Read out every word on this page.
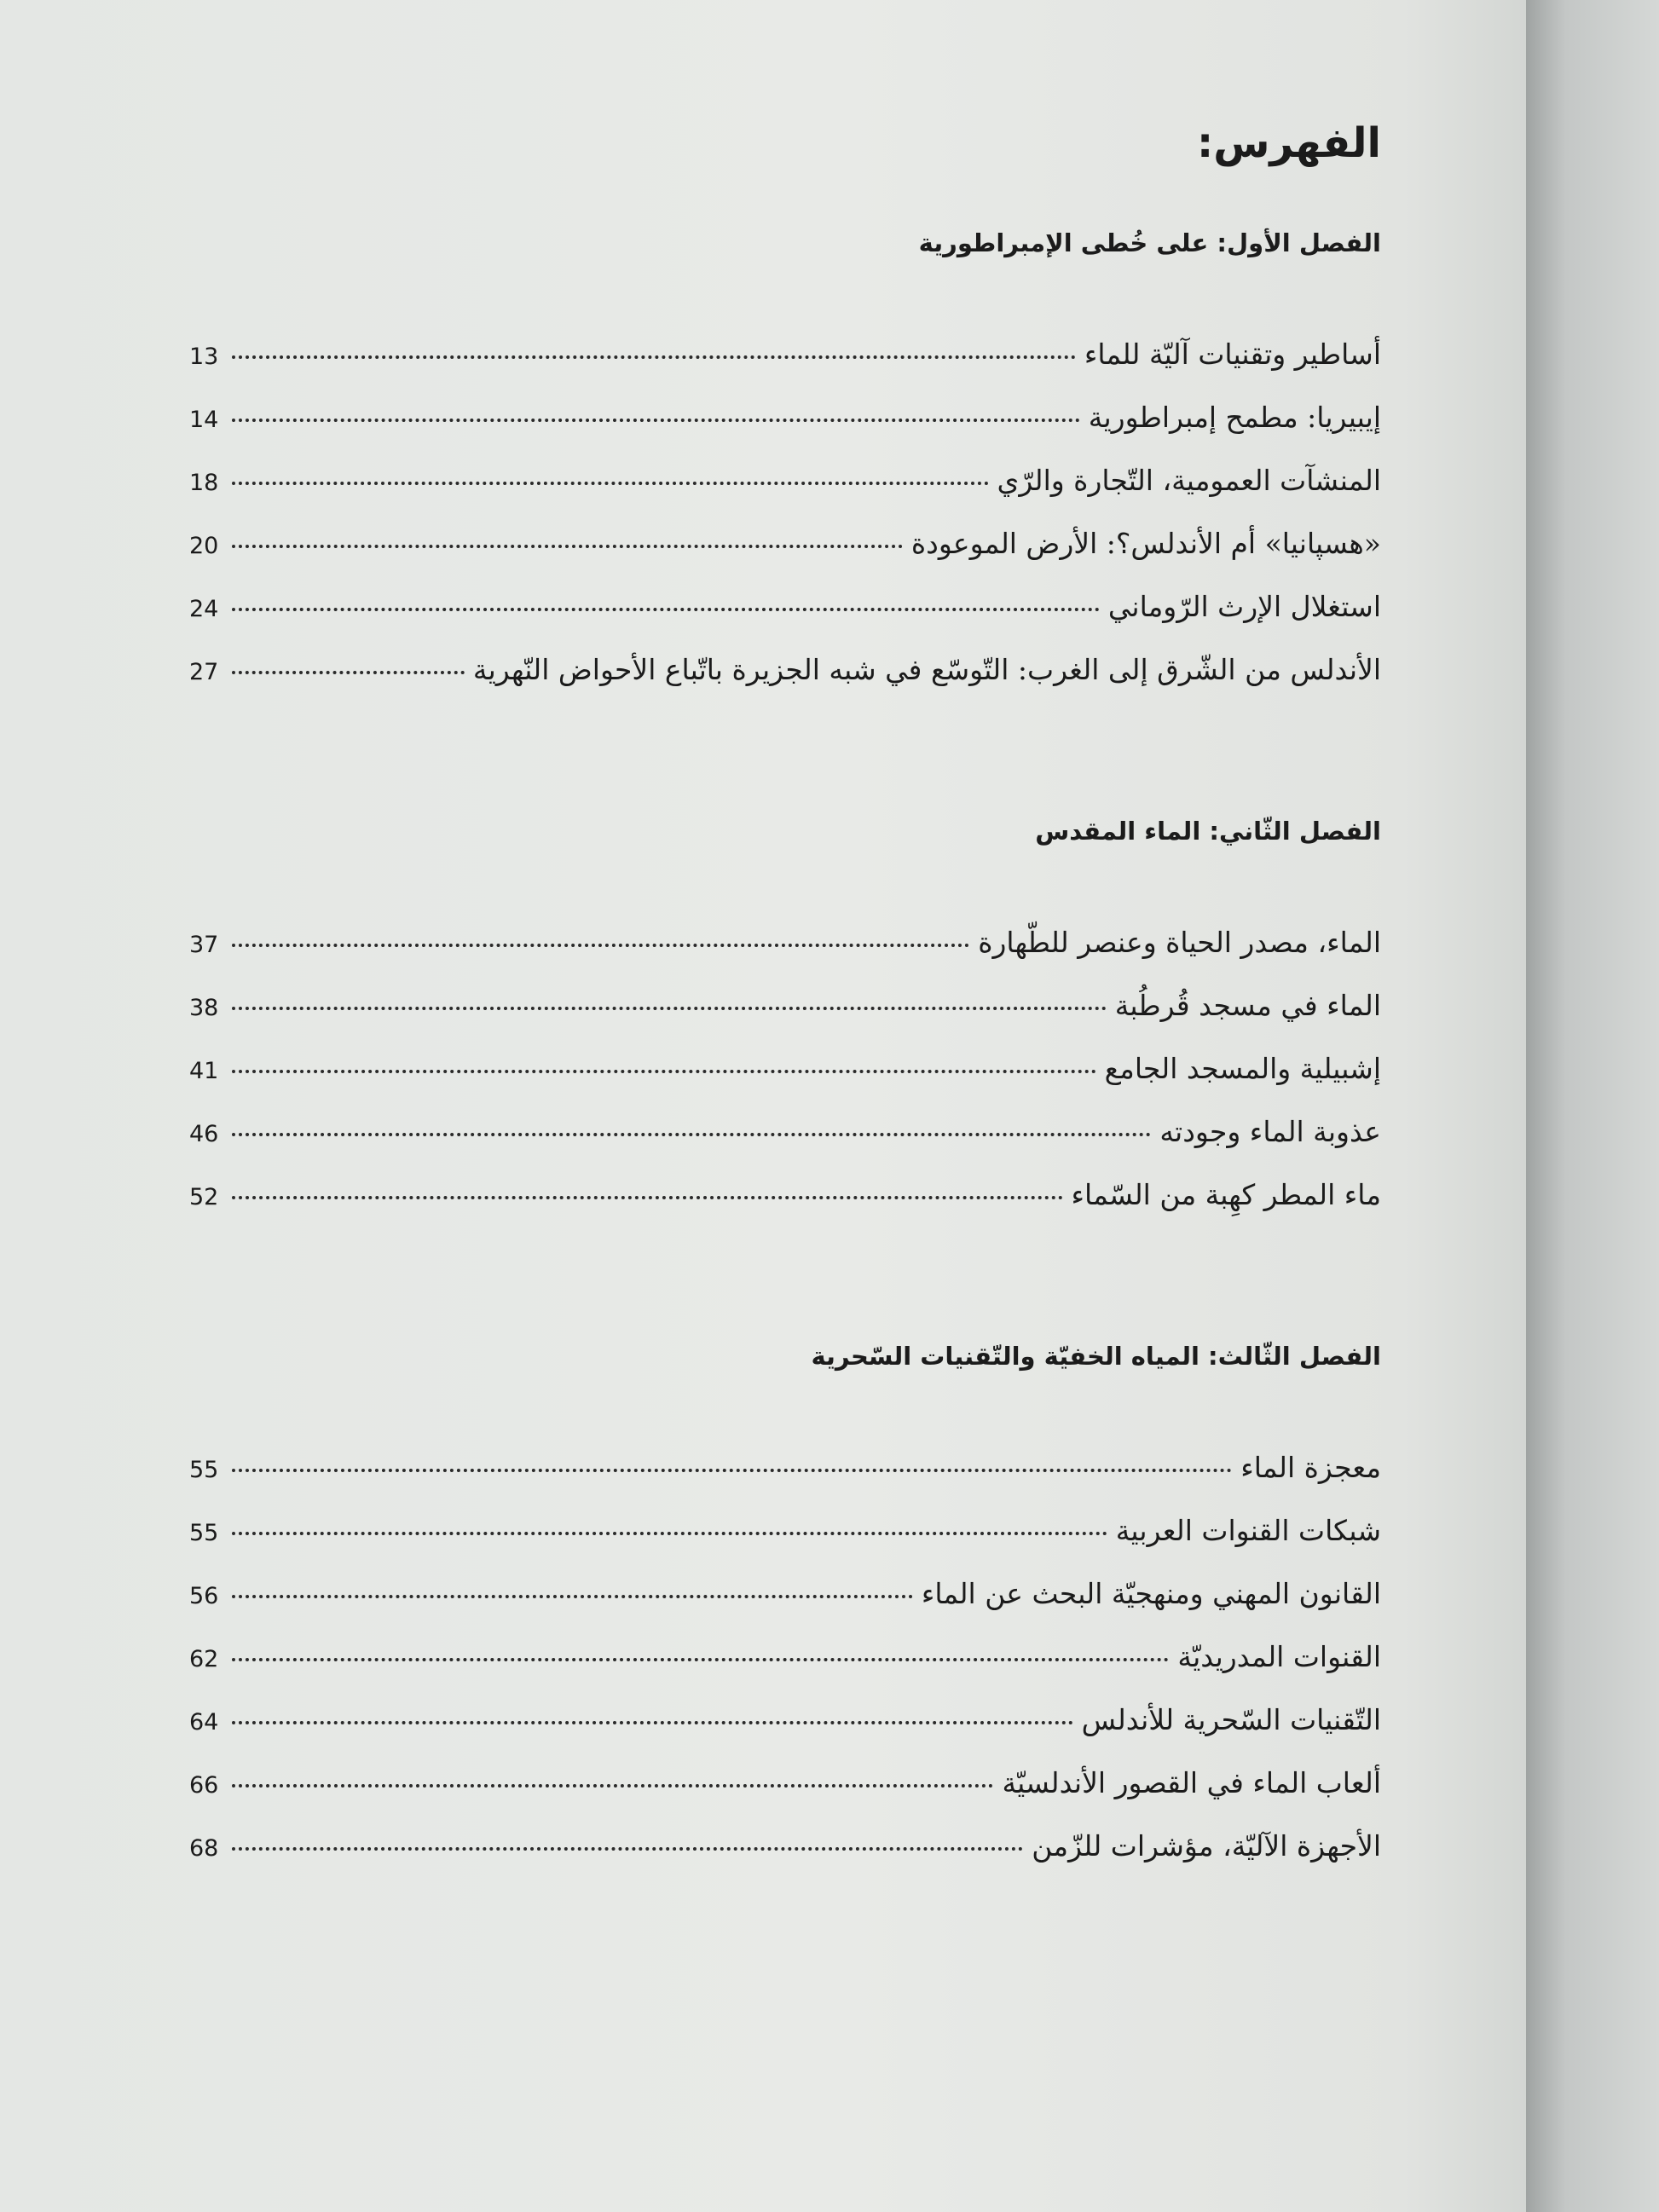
الفهرس:
الفصل الأول: على خُطى الإمبراطورية
أساطير وتقنيات آليّة للماء
13
إيبيريا: مطمح إمبراطورية
14
المنشآت العمومية، التّجارة والرّي
18
«هسپانيا» أم الأندلس؟: الأرض الموعودة
20
استغلال الإرث الرّوماني
24
الأندلس من الشّرق إلى الغرب: التّوسّع في شبه الجزيرة باتّباع الأحواض النّهرية
27
الفصل الثّاني: الماء المقدس
الماء، مصدر الحياة وعنصر للطّهارة
37
الماء في مسجد قُرطُبة
38
إشبيلية والمسجد الجامع
41
عذوبة الماء وجودته
46
ماء المطر كهِبة من السّماء
52
الفصل الثّالث: المياه الخفيّة والتّقنيات السّحرية
معجزة الماء
55
شبكات القنوات العربية
55
القانون المهني ومنهجيّة البحث عن الماء
56
القنوات المدريديّة
62
التّقنيات السّحرية للأندلس
64
ألعاب الماء في القصور الأندلسيّة
66
الأجهزة الآليّة، مؤشرات للزّمن
68
